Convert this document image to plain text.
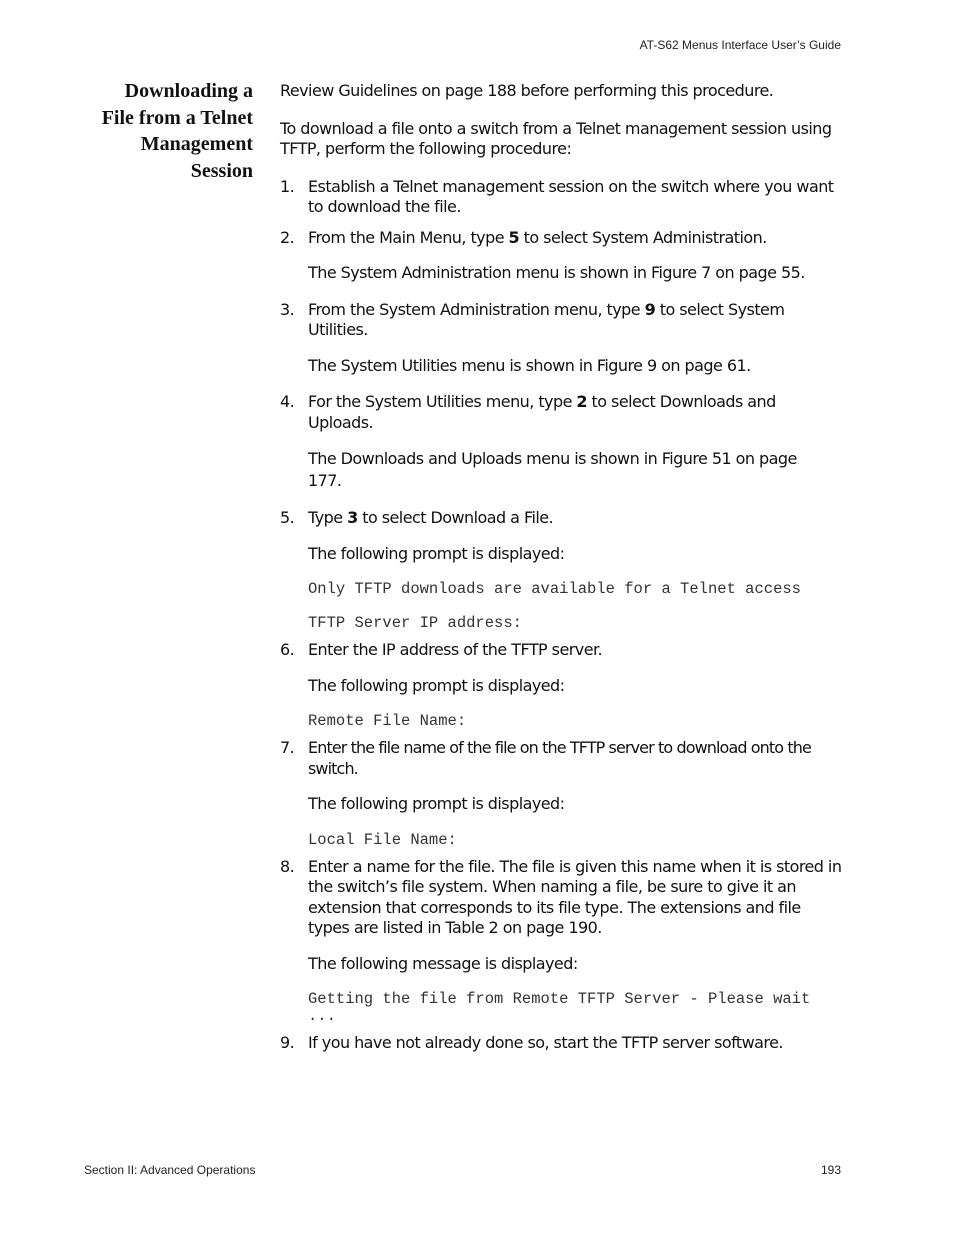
AT-S62 Menus Interface User’s Guide
Downloading a
File from a Telnet
Management
Session

Review Guidelines on page 188 before performing this procedure.

To download a file onto a switch from a Telnet management session using TFTP, perform the following procedure:

1. Establish a Telnet management session on the switch where you want to download the file.

2. From the Main Menu, type 5 to select System Administration.

The System Administration menu is shown in Figure 7 on page 55.

3. From the System Administration menu, type 9 to select System Utilities.

The System Utilities menu is shown in Figure 9 on page 61.

4. For the System Utilities menu, type 2 to select Downloads and Uploads.

The Downloads and Uploads menu is shown in Figure 51 on page 177.

5. Type 3 to select Download a File.

The following prompt is displayed:

Only TFTP downloads are available for a Telnet access
TFTP Server IP address:
6. Enter the IP address of the TFTP server.

The following prompt is displayed:

Remote File Name:
7. Enter the file name of the file on the TFTP server to download onto the switch.

The following prompt is displayed:

Local File Name:
8. Enter a name for the file. The file is given this name when it is stored in the switch’s file system. When naming a file, be sure to give it an extension that corresponds to its file type. The extensions and file types are listed in Table 2 on page 190.

The following message is displayed:

Getting the file from Remote TFTP Server - Please wait ...
9. If you have not already done so, start the TFTP server software.

Section II: Advanced Operations	193
